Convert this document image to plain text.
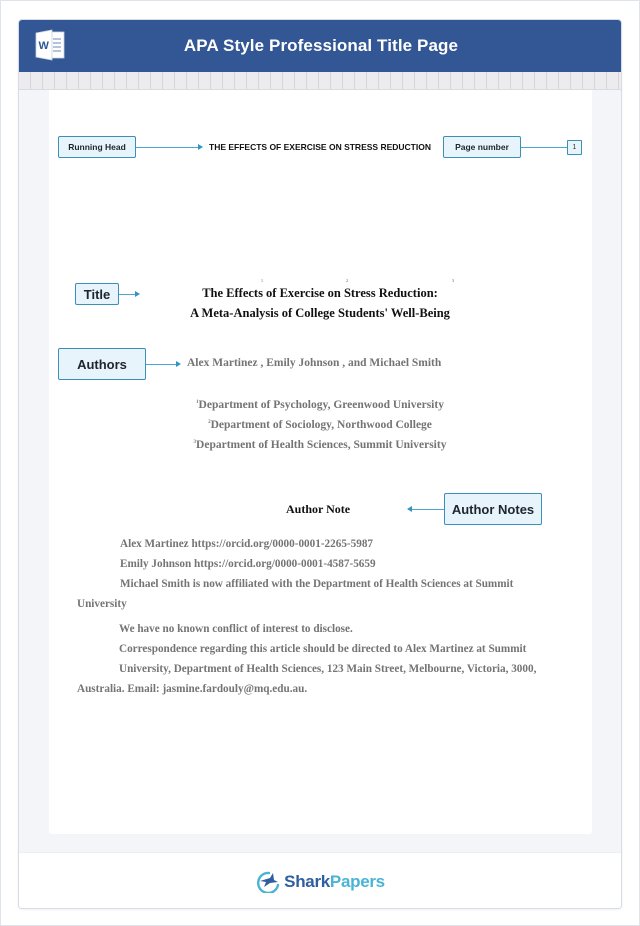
W	APA Style Professional Title Page
Shark Papers
Running Head	THE EFFECTS OF EXERCISE ON STRESS REDUCTION	Page number	1
1	2	3
Title	The Effects of Exercise on Stress Reduction:
A Meta-Analysis of College Students' Well-Being
Authors	Alex Martinez , Emily Johnson , and Michael Smith
$^1$Department of Psychology, Greenwood University
$^2$Department of Sociology, Northwood College
$^3$Department of Health Sciences, Summit University
Author Note	Author Notes
Alex Martinez https://orcid.org/0000-0001-2265-5987
Emily Johnson https://orcid.org/0000-0001-4587-5659
Michael Smith is now affiliated with the Department of Health Sciences at Summit
University
We have no known conflict of interest to disclose.
Correspondence regarding this article should be directed to Alex Martinez at Summit
University, Department of Health Sciences, 123 Main Street, Melbourne, Victoria, 3000,
Australia. Email: jasmine.fardouly@mq.edu.au.
